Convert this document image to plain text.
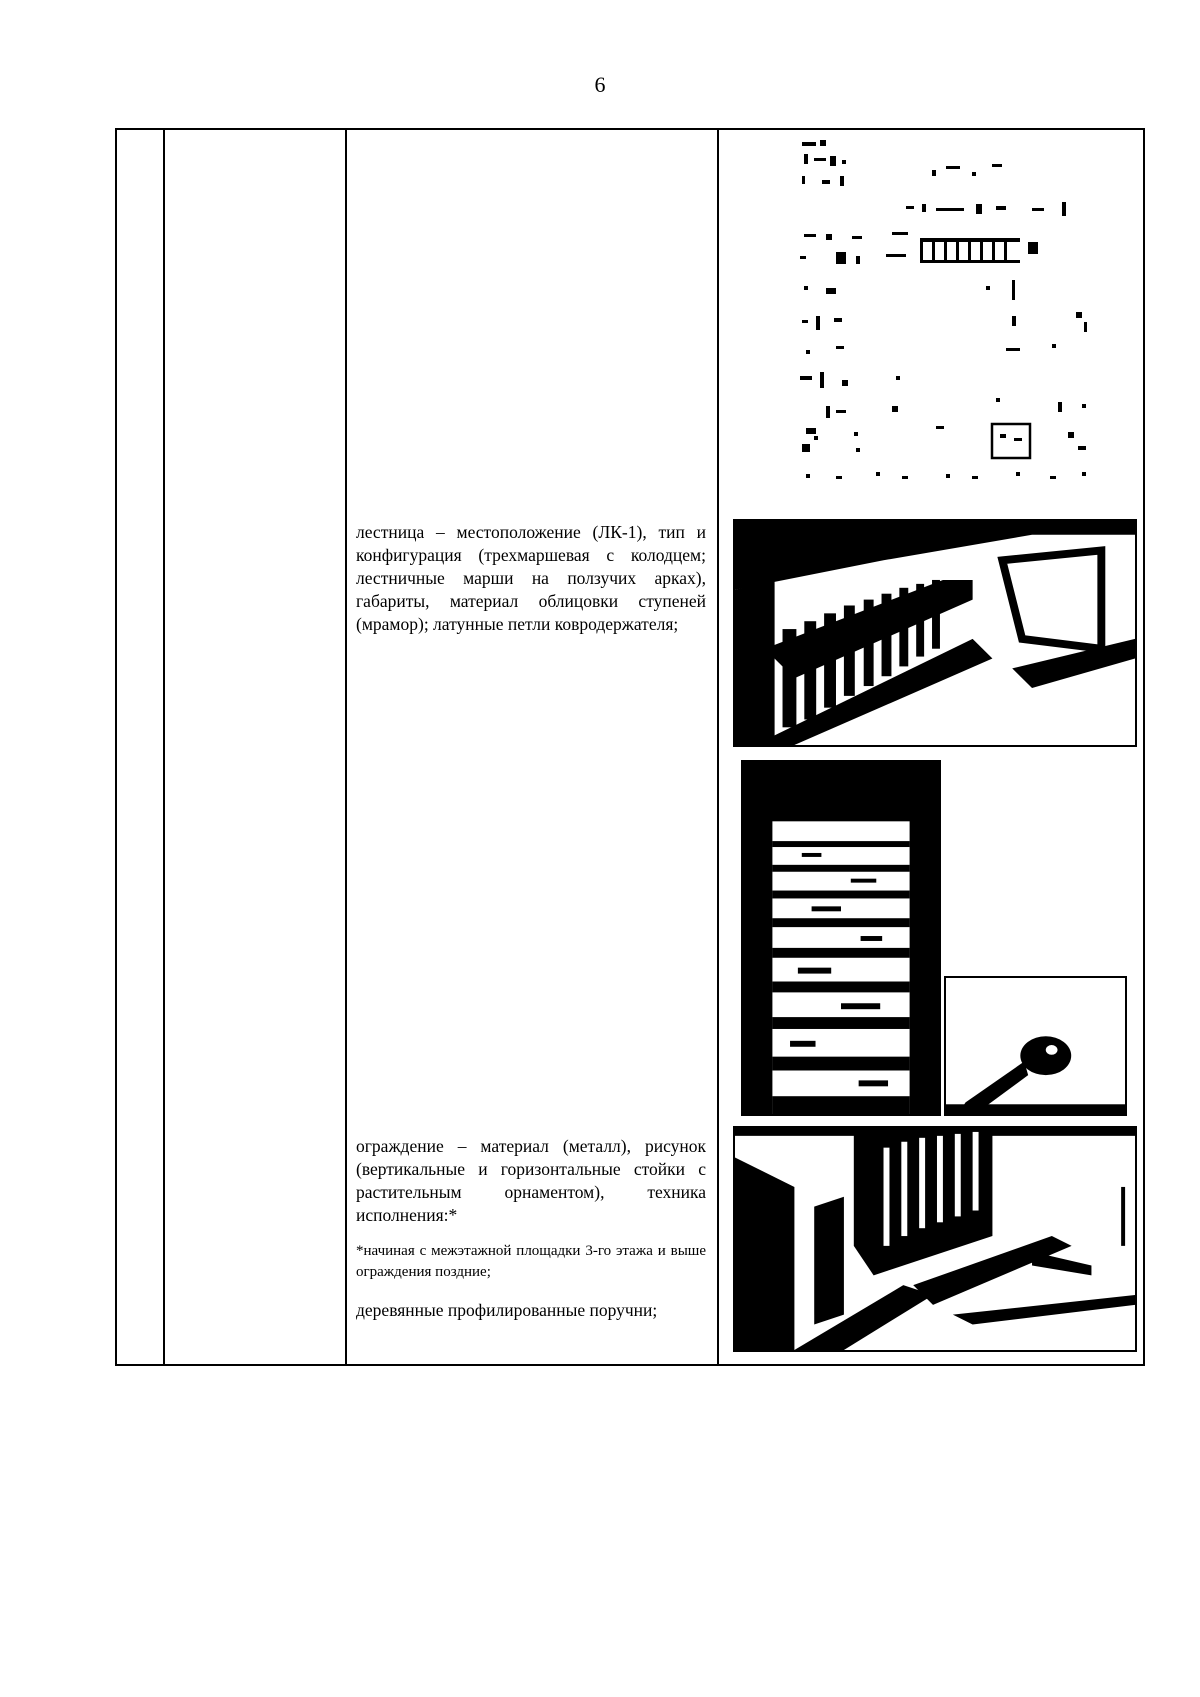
6

лестница – местоположение (ЛК-1), тип и конфигурация (трехмаршевая с колодцем; лестничные марши на ползучих арках), габариты, материал облицовки ступеней (мрамор); латунные петли ковродержателя;

ограждение – материал (металл), рисунок (вертикальные и горизонтальные стойки с растительным орнаментом), техника исполнения:*

*начиная с межэтажной площадки 3-го этажа и выше ограждения поздние;

деревянные профилированные поручни;
